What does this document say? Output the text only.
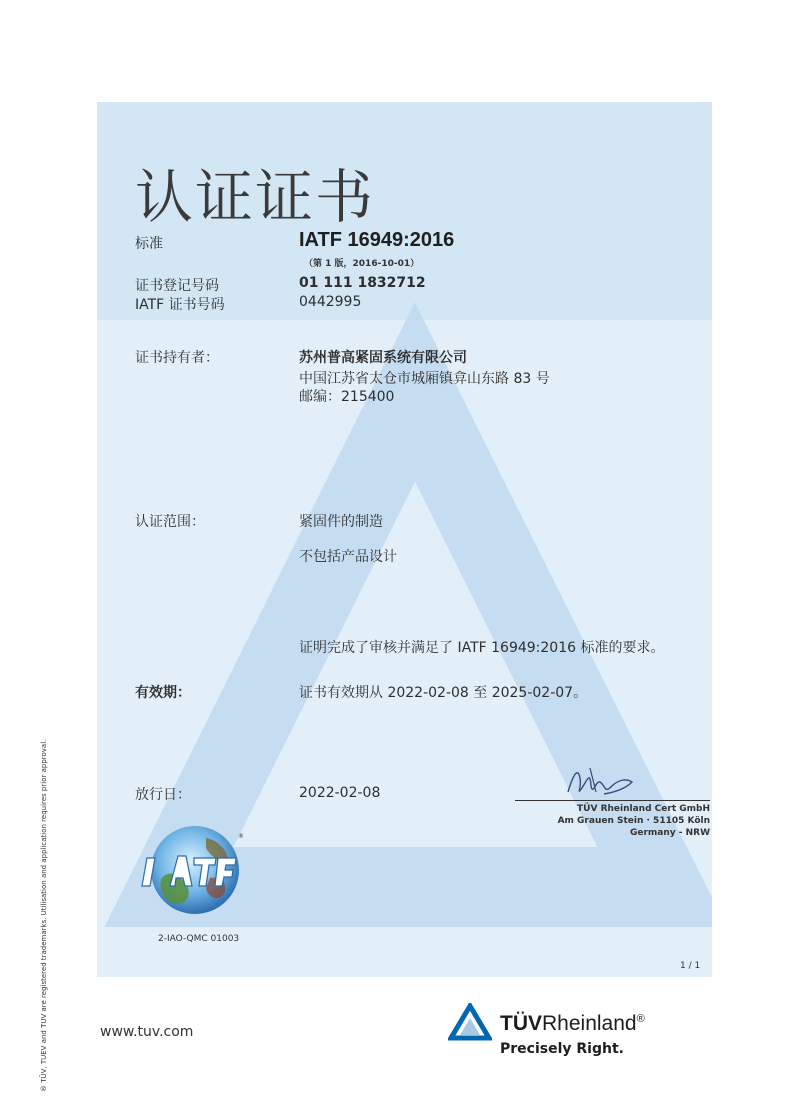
认证证书
标准	IATF 16949:2016
（第 1 版，2016-10-01）
证书登记号码	01 111 1832712
IATF 证书号码	0442995
证书持有者：	苏州普高紧固系统有限公司
中国江苏省太仓市城厢镇弇山东路 83 号
邮编：215400
认证范围：	紧固件的制造
不包括产品设计
证明完成了审核并满足了 IATF 16949:2016 标准的要求。
有效期：	证书有效期从 2022-02-08 至 2025-02-07。
放行日：	2022-02-08
TÜV Rheinland Cert GmbH
Am Grauen Stein · 51105 Köln
Germany - NRW
®
2-IAO-QMC 01003
1 / 1
www.tuv.com	TÜVRheinland®
Precisely Right.
® TÜV, TUEV and TUV are registered trademarks. Utilisation and application requires prior approval.
